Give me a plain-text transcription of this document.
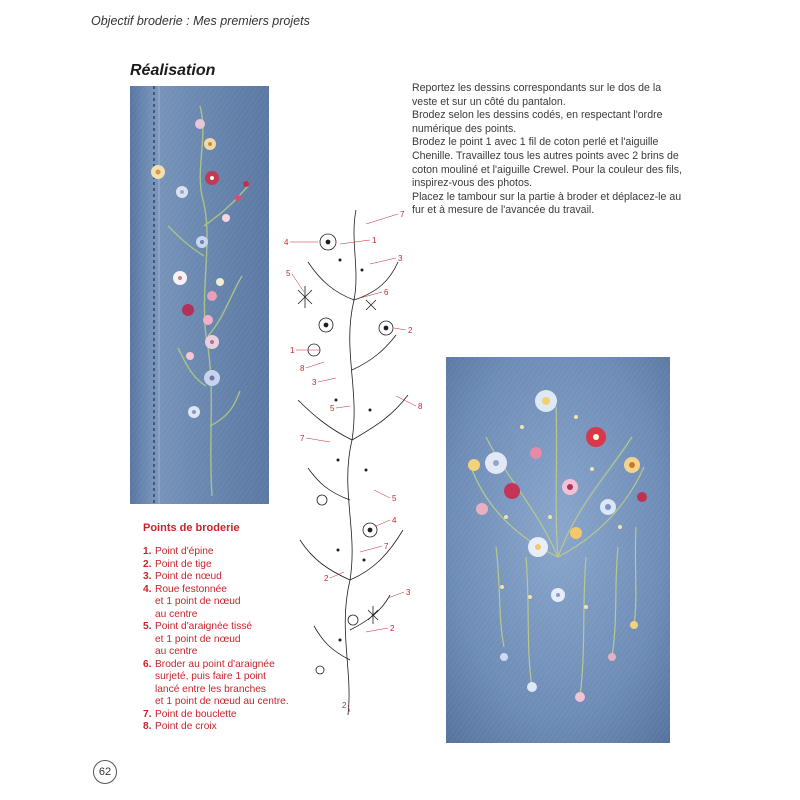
Objectif broderie : Mes premiers projets
Réalisation

Reportez les dessins correspondants sur le dos de la veste et sur un côté du pantalon.

Brodez selon les dessins codés, en respectant l'ordre numérique des points.

Brodez le point 1 avec 1 fil de coton perlé et l'aiguille Chenille. Travaillez tous les autres points avec 2 brins de coton mouliné et l'aiguille Crewel. Pour la couleur des fils, inspirez-vous des photos.

Placez le tambour sur la partie à broder et déplacez-le au fur et à mesure de l'avancée du travail.

7
1
4
3
5
6
2
1
8
3
5	8
7
5
4
7
2
3
2
2
Points de broderie
1. Point d'épine
2. Point de tige
3. Point de nœud
4. Roue festonnée
et 1 point de nœud
au centre
5. Point d'araignée tissé
et 1 point de nœud
au centre
6. Broder au point d'araignée
surjeté, puis faire 1 point
lancé entre les branches
et 1 point de nœud au centre.
7. Point de bouclette
8. Point de croix
62
